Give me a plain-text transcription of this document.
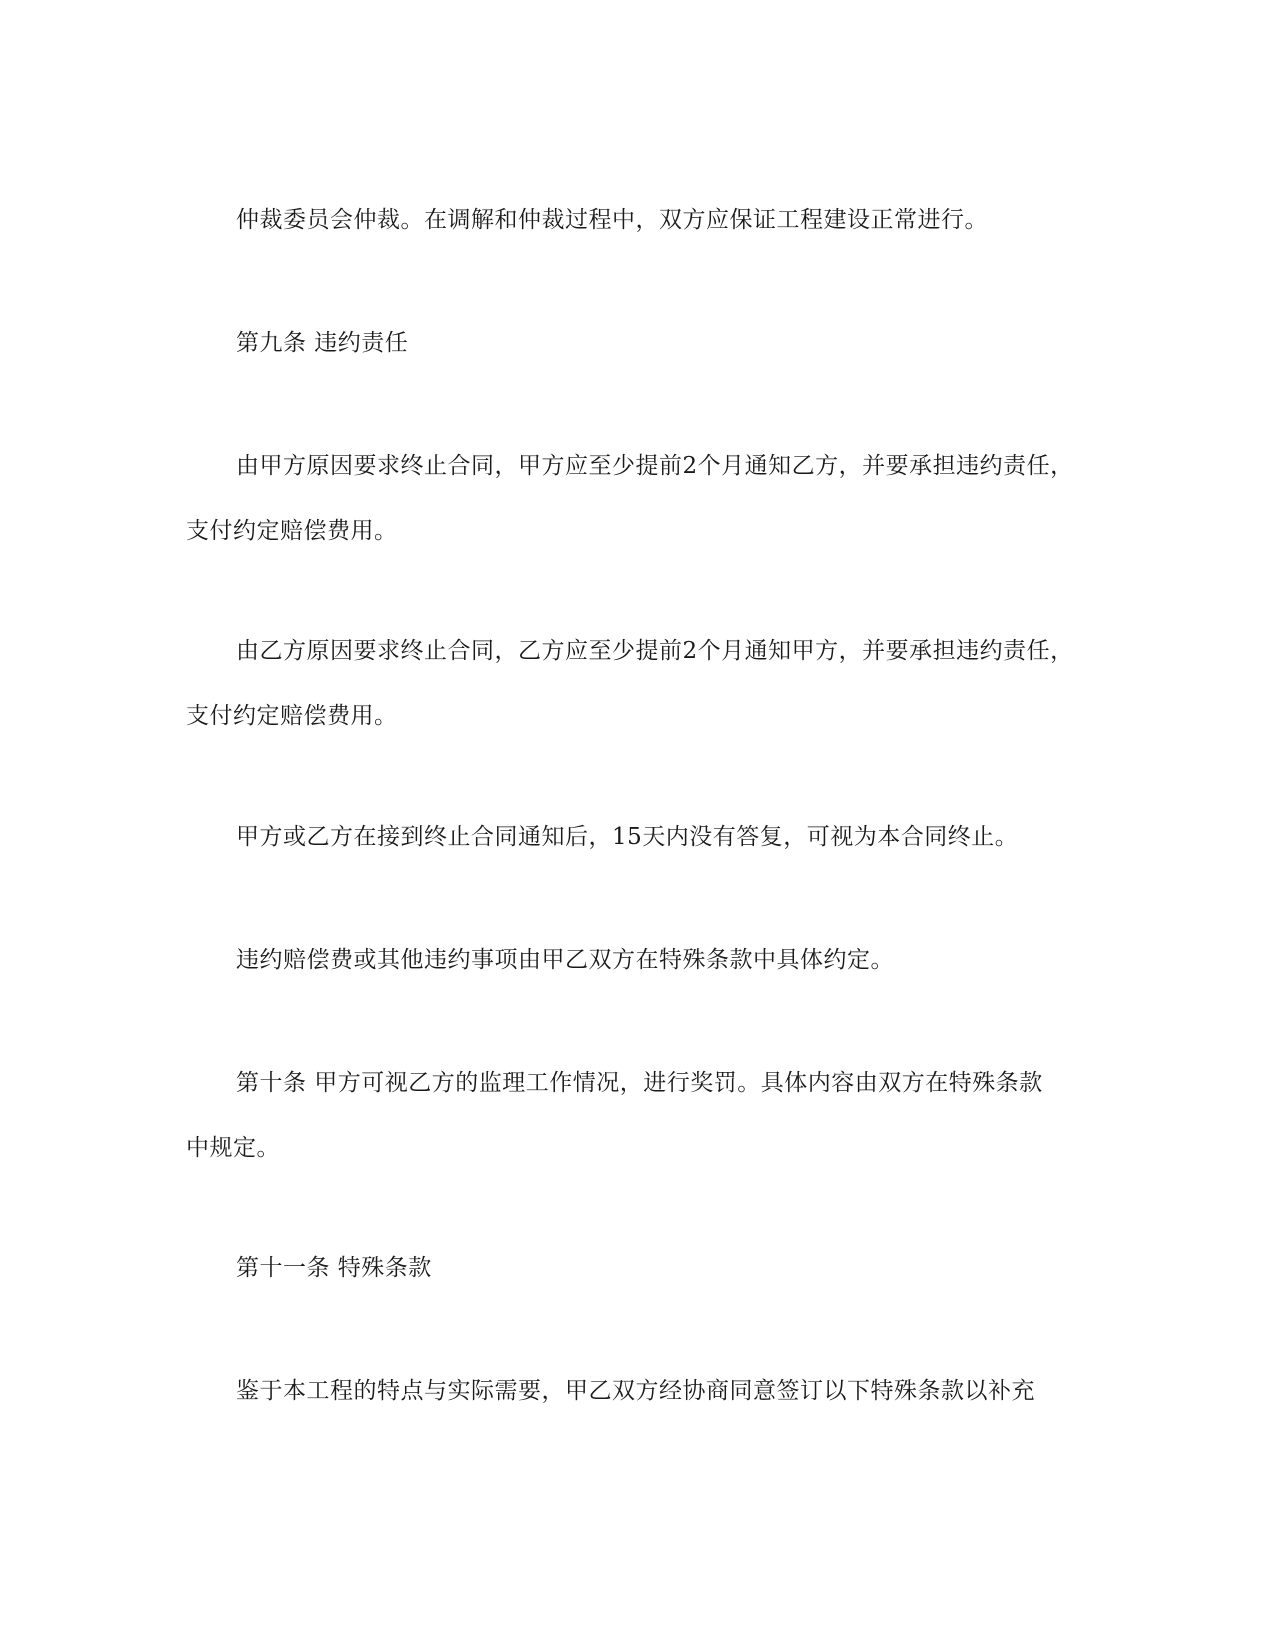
仲裁委员会仲裁。在调解和仲裁过程中，双方应保证工程建设正常进行。

第九条 违约责任

由甲方原因要求终止合同，甲方应至少提前2个月通知乙方，并要承担违约责任，
支付约定赔偿费用。

由乙方原因要求终止合同，乙方应至少提前2个月通知甲方，并要承担违约责任，
支付约定赔偿费用。

甲方或乙方在接到终止合同通知后，15天内没有答复，可视为本合同终止。

违约赔偿费或其他违约事项由甲乙双方在特殊条款中具体约定。

第十条 甲方可视乙方的监理工作情况，进行奖罚。具体内容由双方在特殊条款
中规定。

第十一条 特殊条款

鉴于本工程的特点与实际需要，甲乙双方经协商同意签订以下特殊条款以补充
